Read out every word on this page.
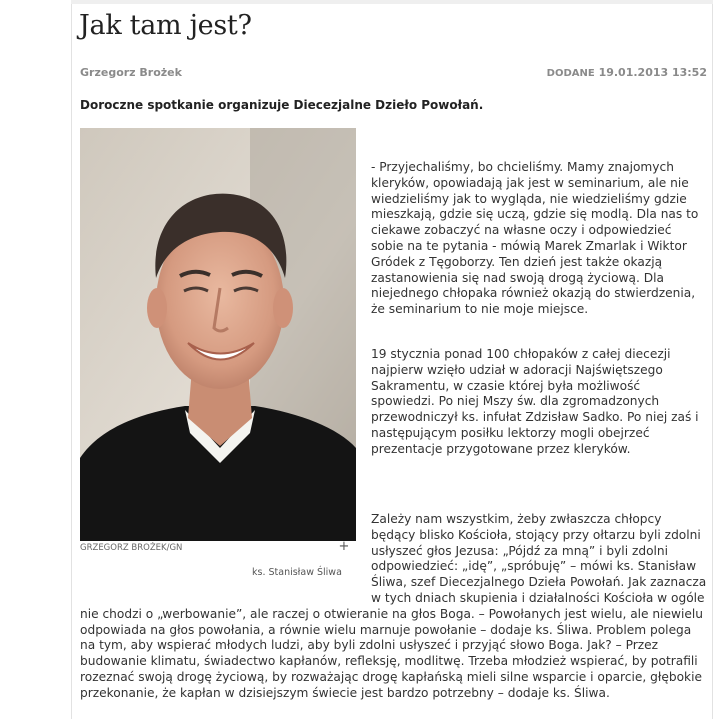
Jak tam jest?
Grzegorz Brożek	DODANE 19.01.2013 13:52
Doroczne spotkanie organizuje Diecezjalne Dzieło Powołań.
GRZEGORZ BROŻEK/GN	+
ks. Stanisław Śliwa

- Przyjechaliśmy, bo chcieliśmy. Mamy znajomych kleryków, opowiadają jak jest w seminarium, ale nie wiedzieliśmy jak to wygląda, nie wiedzieliśmy gdzie mieszkają, gdzie się uczą, gdzie się modlą. Dla nas to ciekawe zobaczyć na własne oczy i odpowiedzieć sobie na te pytania - mówią Marek Zmarlak i Wiktor Gródek z Tęgoborzy. Ten dzień jest także okazją zastanowienia się nad swoją drogą życiową. Dla niejednego chłopaka również okazją do stwierdzenia, że seminarium to nie moje miejsce.

19 stycznia ponad 100 chłopaków z całej diecezji najpierw wzięło udział w adoracji Najświętszego Sakramentu, w czasie której była możliwość spowiedzi. Po niej Mszy św. dla zgromadzonych przewodniczył ks. infułat Zdzisław Sadko. Po niej zaś i następującym posiłku lektorzy mogli obejrzeć prezentacje przygotowane przez kleryków.

Zależy nam wszystkim, żeby zwłaszcza chłopcy będący blisko Kościoła, stojący przy ołtarzu byli zdolni usłyszeć głos Jezusa: „Pójdź za mną” i byli zdolni odpowiedzieć: „idę”, „spróbuję” – mówi ks. Stanisław Śliwa, szef Diecezjalnego Dzieła Powołań. Jak zaznacza w tych dniach skupienia i działalności Kościoła w ogóle nie chodzi o „werbowanie”, ale raczej o otwieranie na głos Boga. – Powołanych jest wielu, ale niewielu odpowiada na głos powołania, a równie wielu marnuje powołanie – dodaje ks. Śliwa. Problem polega na tym, aby wspierać młodych ludzi, aby byli zdolni usłyszeć i przyjąć słowo Boga. Jak? – Przez budowanie klimatu, świadectwo kapłanów, refleksję, modlitwę. Trzeba młodzież wspierać, by potrafili rozeznać swoją drogę życiową, by rozważając drogę kapłańską mieli silne wsparcie i oparcie, głębokie przekonanie, że kapłan w dzisiejszym świecie jest bardzo potrzebny – dodaje ks. Śliwa.
